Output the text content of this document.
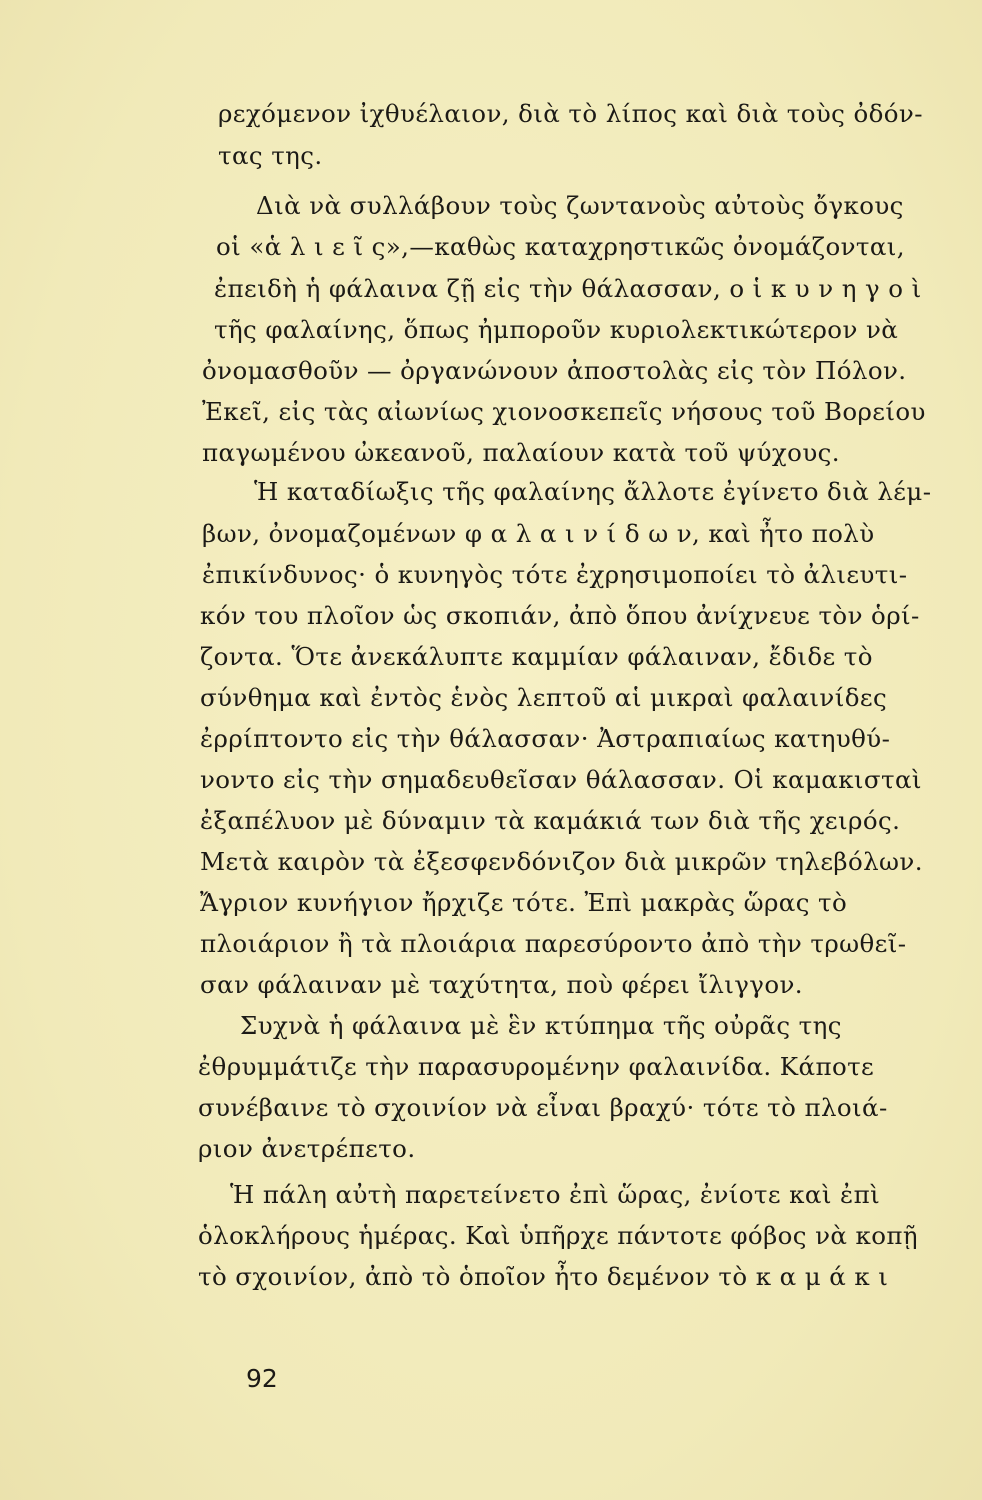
ρεχόμενον ἰχθυέλαιον, διὰ τὸ λίπος καὶ διὰ τοὺς ὀδόν-
τας της.
Διὰ νὰ συλλάβουν τοὺς ζωντανοὺς αὐτοὺς ὄγκους
οἱ «ἁ λ ι ε ῖ ς»,—καθὼς καταχρηστικῶς ὀνομάζονται,
ἐπειδὴ ἡ φάλαινα ζῇ εἰς τὴν θάλασσαν, ο ἱ κ υ ν η γ ο ὶ
τῆς φαλαίνης, ὅπως ἠμποροῦν κυριολεκτικώτερον νὰ
ὀνομασθοῦν — ὀργανώνουν ἀποστολὰς εἰς τὸν Πόλον.
Ἐκεῖ, εἰς τὰς αἰωνίως χιονοσκεπεῖς νήσους τοῦ Βορείου
παγωμένου ὠκεανοῦ, παλαίουν κατὰ τοῦ ψύχους.
Ἡ καταδίωξις τῆς φαλαίνης ἄλλοτε ἐγίνετο διὰ λέμ-
βων, ὀνομαζομένων φ α λ α ι ν ί δ ω ν, καὶ ἦτο πολὺ
ἐπικίνδυνος· ὁ κυνηγὸς τότε ἐχρησιμοποίει τὸ ἀλιευτι-
κόν του πλοῖον ὡς σκοπιάν, ἀπὸ ὅπου ἀνίχνευε τὸν ὁρί-
ζοντα. Ὅτε ἀνεκάλυπτε καμμίαν φάλαιναν, ἔδιδε τὸ
σύνθημα καὶ ἐντὸς ἑνὸς λεπτοῦ αἱ μικραὶ φαλαινίδες
ἐρρίπτοντο εἰς τὴν θάλασσαν· Ἀστραπιαίως κατηυθύ-
νοντο εἰς τὴν σημαδευθεῖσαν θάλασσαν. Οἱ καμακισταὶ
ἐξαπέλυον μὲ δύναμιν τὰ καμάκιά των διὰ τῆς χειρός.
Μετὰ καιρὸν τὰ ἐξεσφενδόνιζον διὰ μικρῶν τηλεβόλων.
Ἄγριον κυνήγιον ἤρχιζε τότε. Ἐπὶ μακρὰς ὥρας τὸ
πλοιάριον ἢ τὰ πλοιάρια παρεσύροντο ἀπὸ τὴν τρωθεῖ-
σαν φάλαιναν μὲ ταχύτητα, ποὺ φέρει ἴλιγγον.
Συχνὰ ἡ φάλαινα μὲ ἓν κτύπημα τῆς οὐρᾶς της
ἐθρυμμάτιζε τὴν παρασυρομένην φαλαινίδα. Κάποτε
συνέβαινε τὸ σχοινίον νὰ εἶναι βραχύ· τότε τὸ πλοιά-
ριον ἀνετρέπετο.
Ἡ πάλη αὐτὴ παρετείνετο ἐπὶ ὥρας, ἐνίοτε καὶ ἐπὶ
ὁλοκλήρους ἡμέρας. Καὶ ὑπῆρχε πάντοτε φόβος νὰ κοπῇ
τὸ σχοινίον, ἀπὸ τὸ ὁποῖον ἦτο δεμένον τὸ κ α μ ά κ ι
92
